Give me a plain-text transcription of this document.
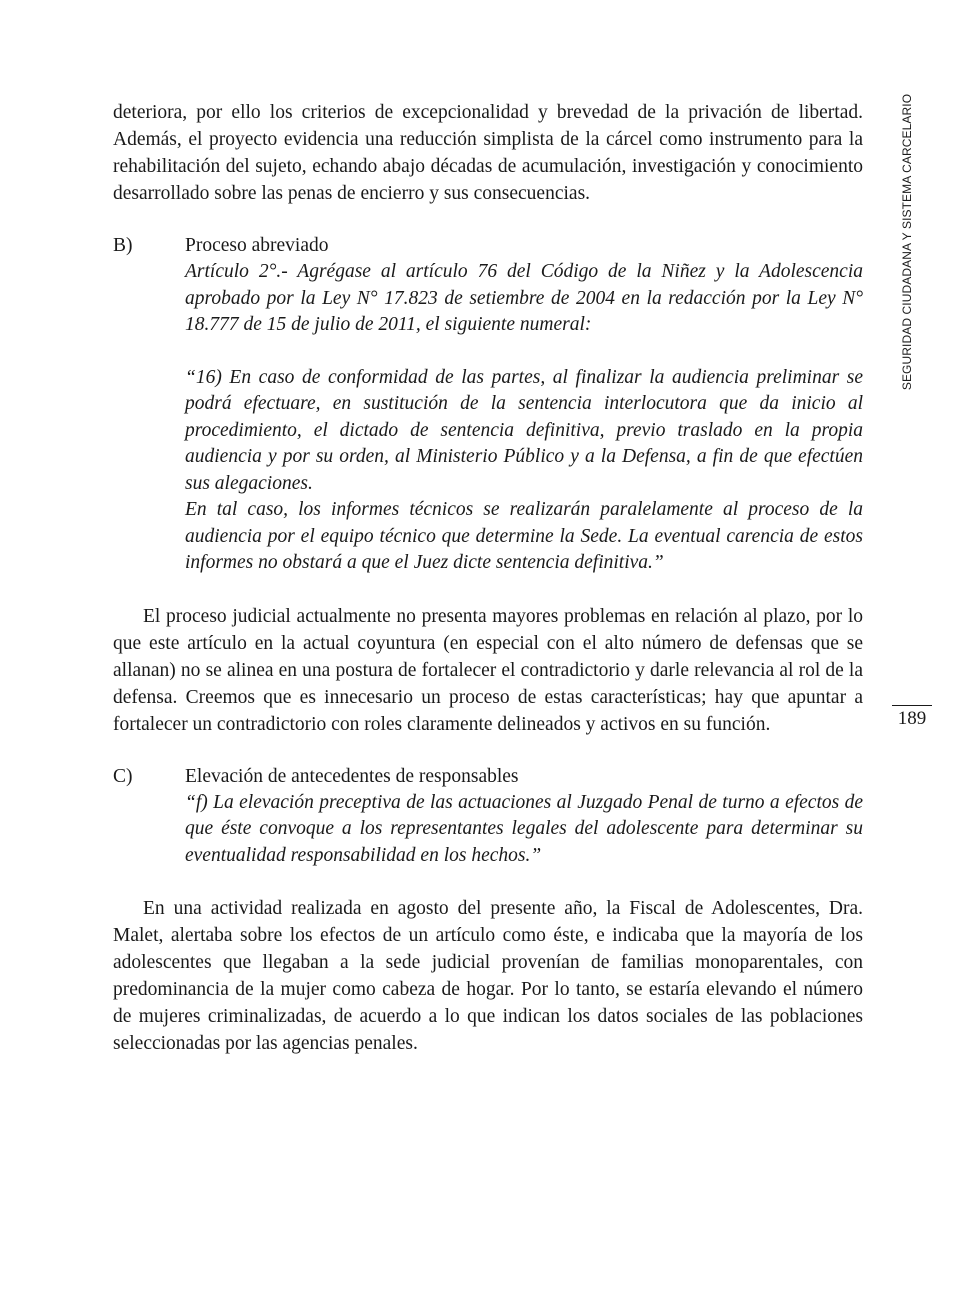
deteriora, por ello los criterios de excepcionalidad y brevedad de la privación de libertad. Además, el proyecto evidencia una reducción simplista de la cárcel como instrumento para la rehabilitación del sujeto, echando abajo décadas de acumulación, investigación y conocimiento desarrollado sobre las penas de encierro y sus consecuencias.

B)	Proceso abreviado

Artículo 2°.- Agrégase al artículo 76 del Código de la Niñez y la Adolescencia aprobado por la Ley N° 17.823 de setiembre de 2004 en la redacción por la Ley N° 18.777 de 15 de julio de 2011, el siguiente numeral:

“16) En caso de conformidad de las partes, al finalizar la audiencia preliminar se podrá efectuare, en sustitución de la sentencia interlocutora que da inicio al procedimiento, el dictado de sentencia definitiva, previo traslado en la propia audiencia y por su orden, al Ministerio Público y a la Defensa, a fin de que efectúen sus alegaciones.

En tal caso, los informes técnicos se realizarán paralelamente al proceso de la audiencia por el equipo técnico que determine la Sede. La eventual carencia de estos informes no obstará a que el Juez dicte sentencia definitiva.”

El proceso judicial actualmente no presenta mayores problemas en relación al plazo, por lo que este artículo en la actual coyuntura (en especial con el alto número de defensas que se allanan) no se alinea en una postura de fortalecer el contradictorio y darle relevancia al rol de la defensa. Creemos que es innecesario un proceso de estas características; hay que apuntar a fortalecer un contradictorio con roles claramente delineados y activos en su función.

C)	Elevación de antecedentes de responsables

“f) La elevación preceptiva de las actuaciones al Juzgado Penal de turno a efectos de que éste convoque a los representantes legales del adolescente para determinar su eventualidad responsabilidad en los hechos.”

En una actividad realizada en agosto del presente año, la Fiscal de Adolescentes, Dra. Malet, alertaba sobre los efectos de un artículo como éste, e indicaba que la mayoría de los adolescentes que llegaban a la sede judicial provenían de familias monoparentales, con predominancia de la mujer como cabeza de hogar. Por lo tanto, se estaría elevando el número de mujeres criminalizadas, de acuerdo a lo que indican los datos sociales de las poblaciones seleccionadas por las agencias penales.

SEGURIDAD CIUDADANA Y SISTEMA CARCELARIO
189
